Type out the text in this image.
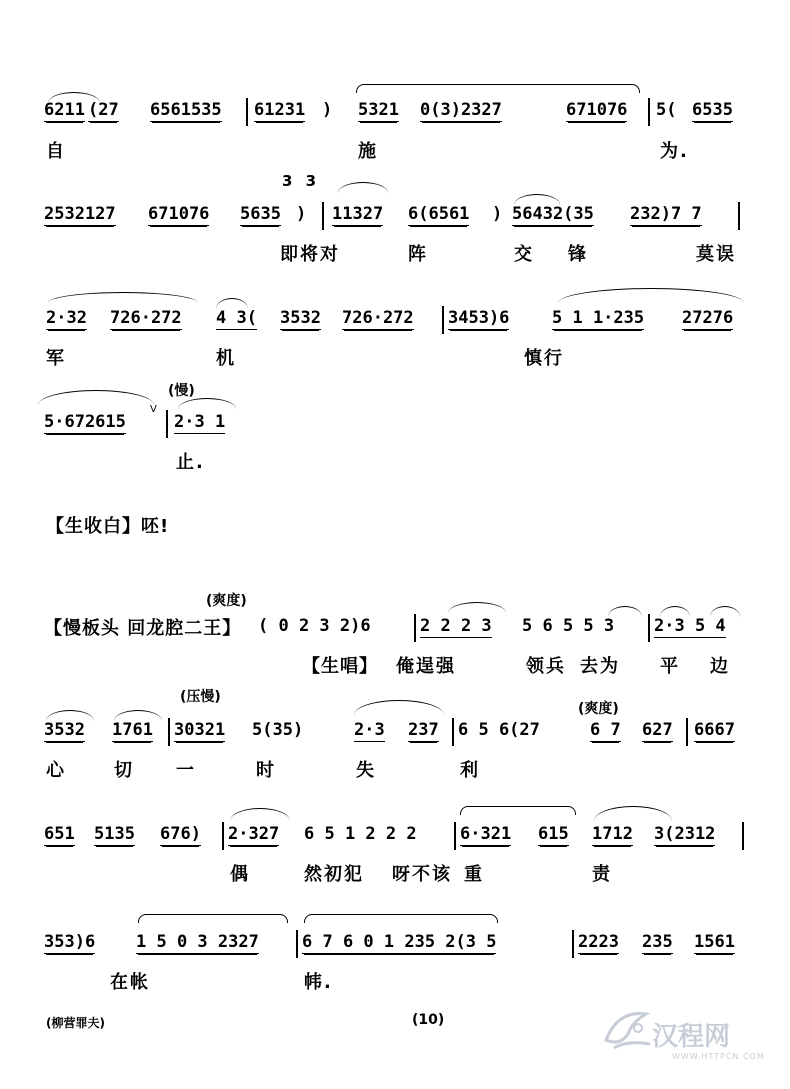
6211 (27 6561535 61231 ) 5321 0(3)2327	671076 5( 6535
自	施	为.
3 3
2532127 671076 5635 ) 11327 6(6561 ) 56432(35 232)7 7
即将对	阵	交 锋	莫误
2·32 726·272 4 3( 3532 726·272 3453)6	5 1 1·235 27276
军	机	慎行
(慢)
5·672615
V
2·3 1
止.
【生收白】呸!
(爽度)
【慢板头 回龙腔二王】 ( 0 2 3 2)6	2 2 2 3 5 6 5 5 3 2·3 5 4
【生唱】 俺逞强	领兵 去为 平 边
(压慢)
(爽度)
3532 1761 30321 5(35)	2·3 237 6 5 6(27	6 7 627 6667
心	切 一	时	失	利
651 5135 676) 2·327 6 5 1 2 2 2	6·321 615 1712 3(2312
偶	然初犯 呀不该 重	责
353)6 1 5 0 3 2327	6 7 6 0 1 235 2(3 5	2223 235 1561
在帐	帏.
(柳营罪夫)	(10)
汉程网
WWW.HTTPCN.COM
